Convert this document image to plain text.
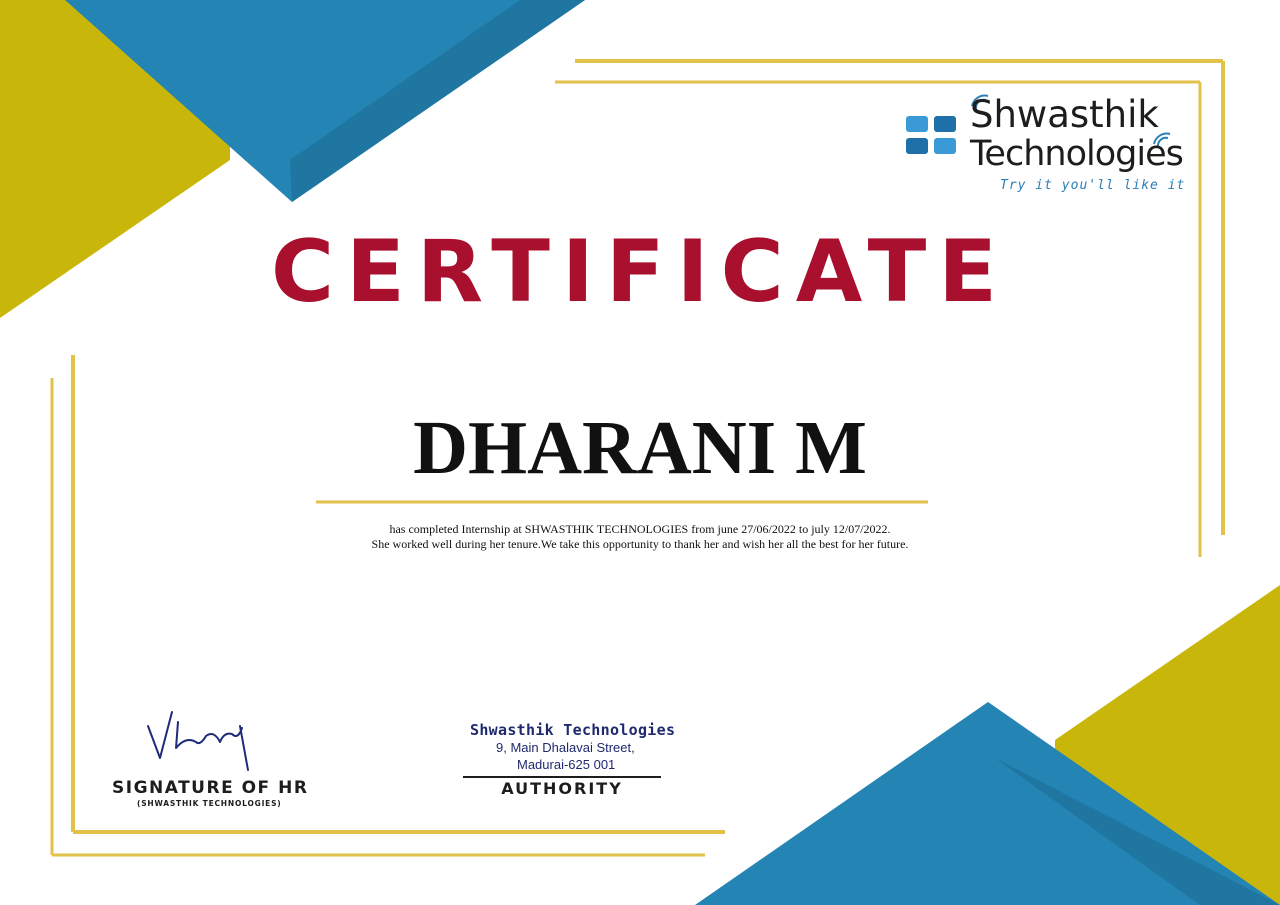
Shwasthik
Technologies
Try it you'll like it
CERTIFICATE
DHARANI M
has completed Internship at SHWASTHIK TECHNOLOGIES from june 27/06/2022 to july 12/07/2022.
She worked well during her tenure.We take this opportunity to thank her and wish her all the best for her future.
SIGNATURE OF HR
(SHWASTHIK TECHNOLOGIES)
Shwasthik Technologies
9, Main Dhalavai Street,
Madurai-625 001
AUTHORITY
